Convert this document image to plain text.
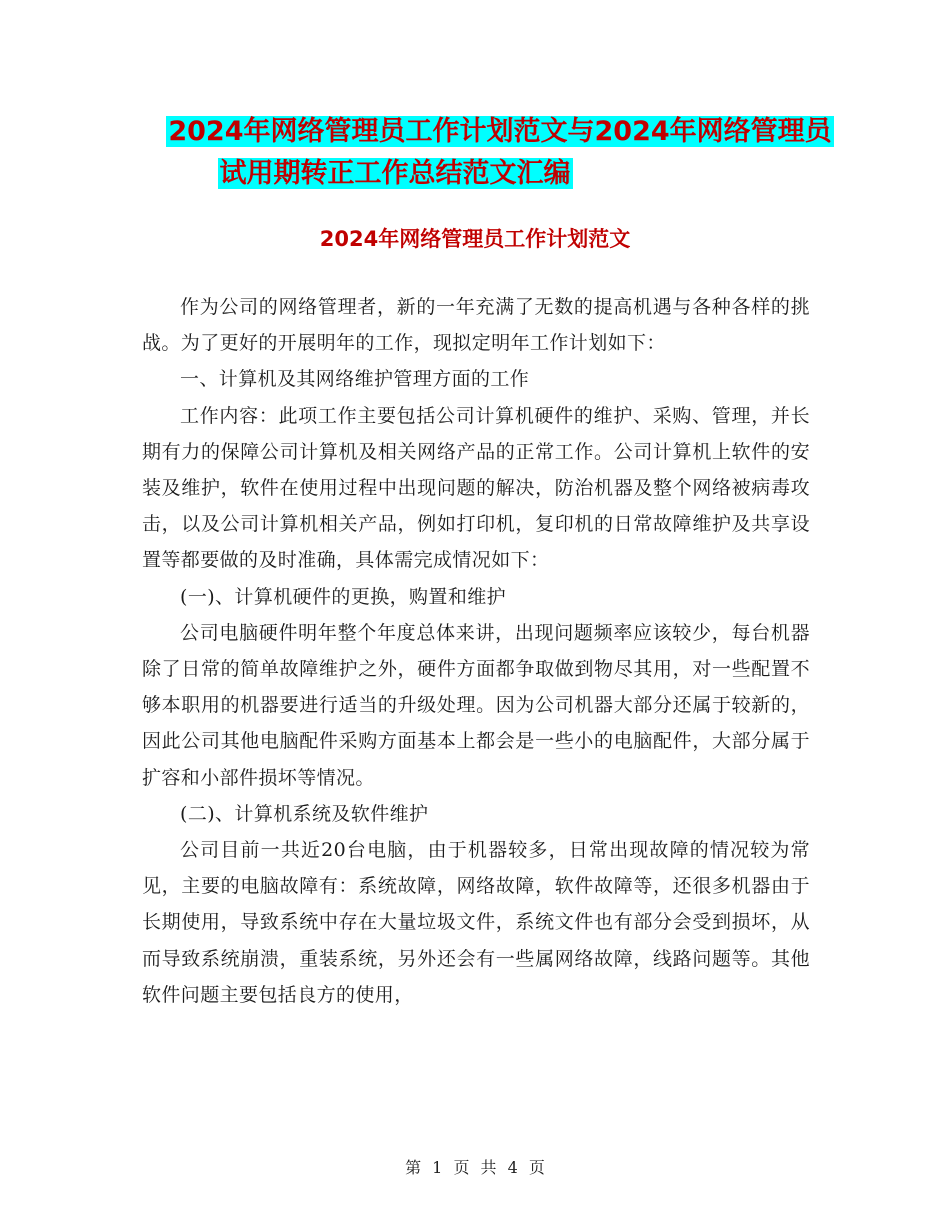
2024年网络管理员工作计划范文与2024年网络管理员
试用期转正工作总结范文汇编
2024年网络管理员工作计划范文

作为公司的网络管理者，新的一年充满了无数的提高机遇与各种各样的挑战。为了更好的开展明年的工作，现拟定明年工作计划如下：

一、计算机及其网络维护管理方面的工作

工作内容：此项工作主要包括公司计算机硬件的维护、采购、管理，并长期有力的保障公司计算机及相关网络产品的正常工作。公司计算机上软件的安装及维护，软件在使用过程中出现问题的解决，防治机器及整个网络被病毒攻击，以及公司计算机相关产品，例如打印机，复印机的日常故障维护及共享设置等都要做的及时准确，具体需完成情况如下：

(一)、计算机硬件的更换，购置和维护

公司电脑硬件明年整个年度总体来讲，出现问题频率应该较少，每台机器除了日常的简单故障维护之外，硬件方面都争取做到物尽其用，对一些配置不够本职用的机器要进行适当的升级处理。因为公司机器大部分还属于较新的，因此公司其他电脑配件采购方面基本上都会是一些小的电脑配件，大部分属于扩容和小部件损坏等情况。

(二)、计算机系统及软件维护

公司目前一共近20台电脑，由于机器较多，日常出现故障的情况较为常见，主要的电脑故障有：系统故障，网络故障，软件故障等，还很多机器由于长期使用，导致系统中存在大量垃圾文件，系统文件也有部分会受到损坏，从而导致系统崩溃，重装系统，另外还会有一些属网络故障，线路问题等。其他软件问题主要包括良方的使用，

第 1 页 共 4 页
